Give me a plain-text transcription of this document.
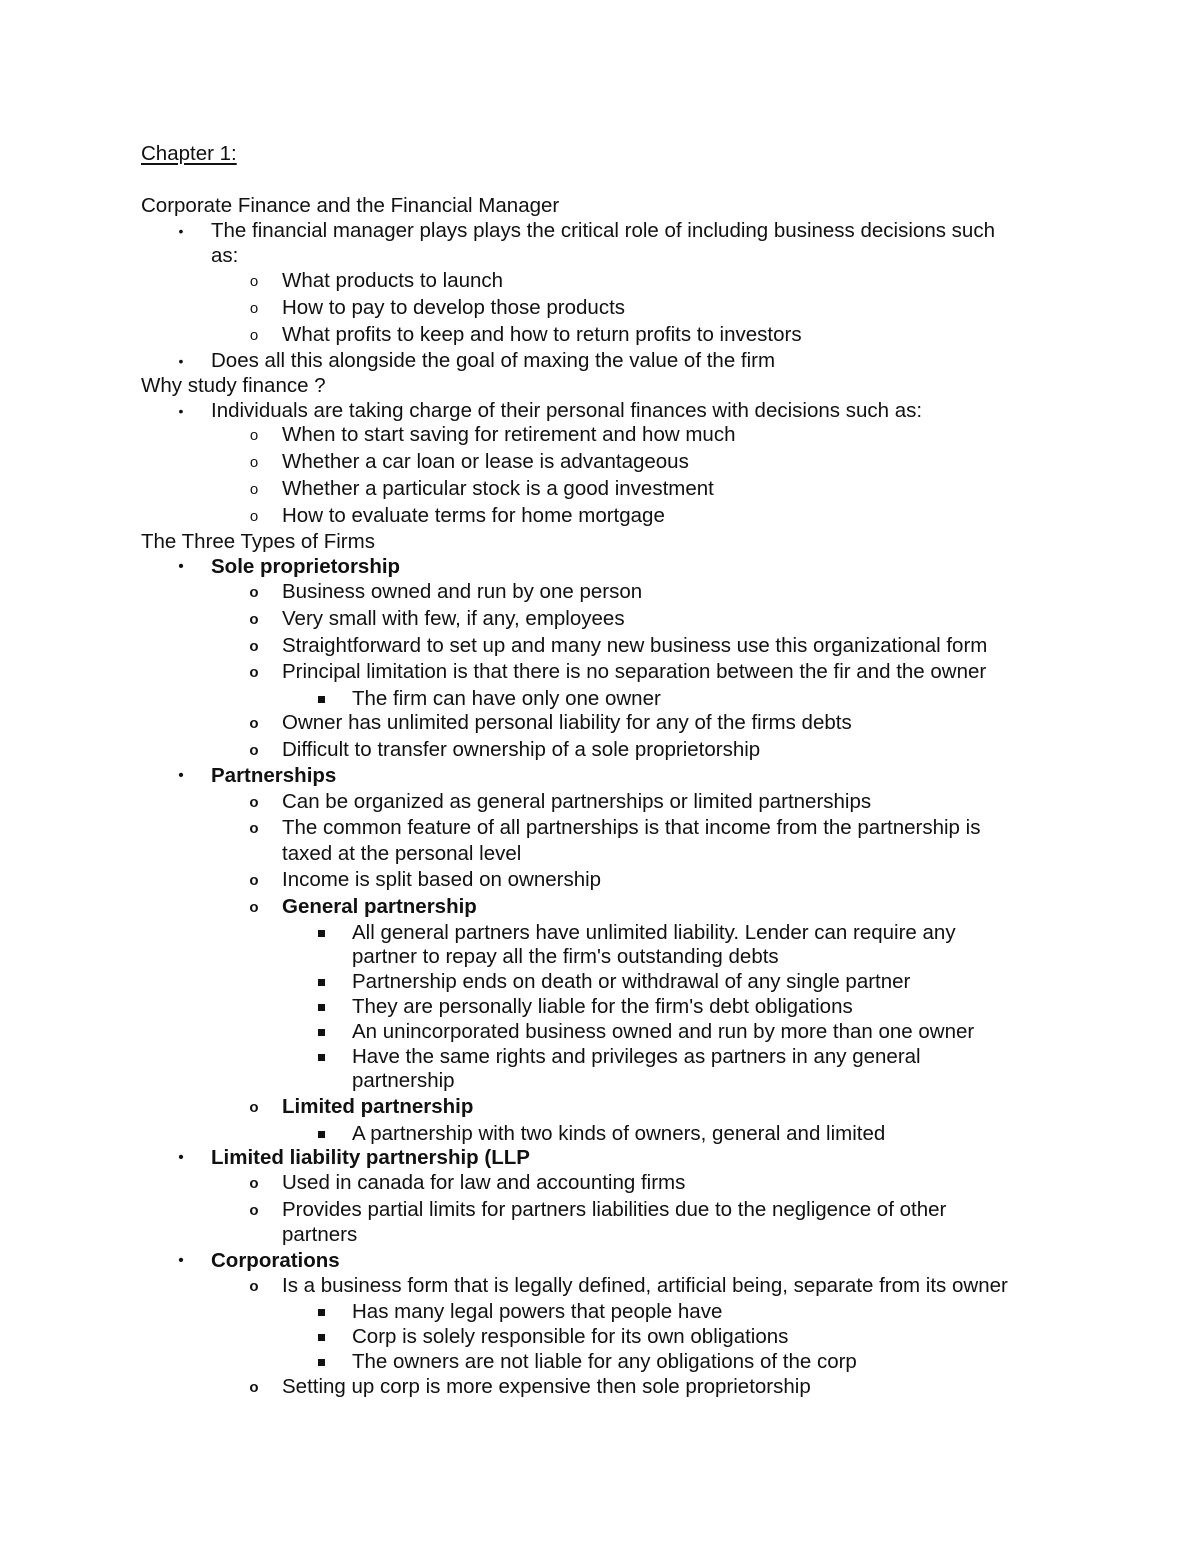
Chapter 1:
Corporate Finance and the Financial Manager
• The financial manager plays plays the critical role of including business decisions such
as:
o What products to launch
o How to pay to develop those products
o What profits to keep and how to return profits to investors
• Does all this alongside the goal of maxing the value of the firm
Why study finance ?
• Individuals are taking charge of their personal finances with decisions such as:
o When to start saving for retirement and how much
o Whether a car loan or lease is advantageous
o Whether a particular stock is a good investment
o How to evaluate terms for home mortgage
The Three Types of Firms
• Sole proprietorship
o Business owned and run by one person
o Very small with few, if any, employees
o Straightforward to set up and many new business use this organizational form
o Principal limitation is that there is no separation between the fir and the owner
The firm can have only one owner
o Owner has unlimited personal liability for any of the firms debts
o Difficult to transfer ownership of a sole proprietorship
• Partnerships
o Can be organized as general partnerships or limited partnerships
o The common feature of all partnerships is that income from the partnership is
taxed at the personal level
o Income is split based on ownership
o General partnership
All general partners have unlimited liability. Lender can require any
partner to repay all the firm's outstanding debts
Partnership ends on death or withdrawal of any single partner
They are personally liable for the firm's debt obligations
An unincorporated business owned and run by more than one owner
Have the same rights and privileges as partners in any general
partnership
o Limited partnership
A partnership with two kinds of owners, general and limited
• Limited liability partnership (LLP
o Used in canada for law and accounting firms
o Provides partial limits for partners liabilities due to the negligence of other
partners
• Corporations
o Is a business form that is legally defined, artificial being, separate from its owner
Has many legal powers that people have
Corp is solely responsible for its own obligations
The owners are not liable for any obligations of the corp
o Setting up corp is more expensive then sole proprietorship
